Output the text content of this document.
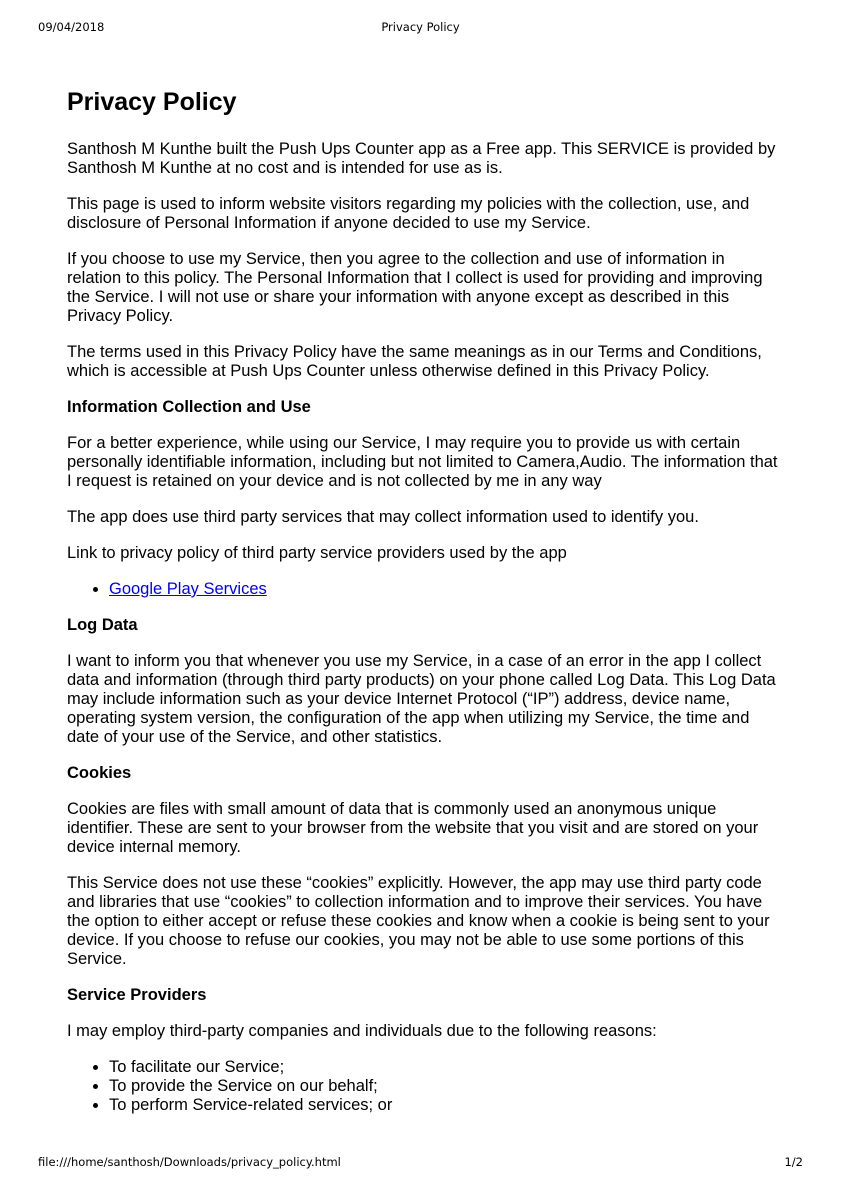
09/04/2018	Privacy Policy
Privacy Policy

Santhosh M Kunthe built the Push Ups Counter app as a Free app. This SERVICE is provided by Santhosh M Kunthe at no cost and is intended for use as is.

This page is used to inform website visitors regarding my policies with the collection, use, and disclosure of Personal Information if anyone decided to use my Service.

If you choose to use my Service, then you agree to the collection and use of information in relation to this policy. The Personal Information that I collect is used for providing and improving the Service. I will not use or share your information with anyone except as described in this Privacy Policy.

The terms used in this Privacy Policy have the same meanings as in our Terms and Conditions, which is accessible at Push Ups Counter unless otherwise defined in this Privacy Policy.

Information Collection and Use

For a better experience, while using our Service, I may require you to provide us with certain personally identifiable information, including but not limited to Camera,Audio. The information that I request is retained on your device and is not collected by me in any way

The app does use third party services that may collect information used to identify you.

Link to privacy policy of third party service providers used by the app

• Google Play Services
Log Data

I want to inform you that whenever you use my Service, in a case of an error in the app I collect data and information (through third party products) on your phone called Log Data. This Log Data may include information such as your device Internet Protocol (“IP”) address, device name, operating system version, the configuration of the app when utilizing my Service, the time and date of your use of the Service, and other statistics.

Cookies

Cookies are files with small amount of data that is commonly used an anonymous unique identifier. These are sent to your browser from the website that you visit and are stored on your device internal memory.

This Service does not use these “cookies” explicitly. However, the app may use third party code and libraries that use “cookies” to collection information and to improve their services. You have the option to either accept or refuse these cookies and know when a cookie is being sent to your device. If you choose to refuse our cookies, you may not be able to use some portions of this Service.

Service Providers

I may employ third-party companies and individuals due to the following reasons:

• To facilitate our Service;
• To provide the Service on our behalf;
• To perform Service-related services; or
file:///home/santhosh/Downloads/privacy_policy.html	1/2
